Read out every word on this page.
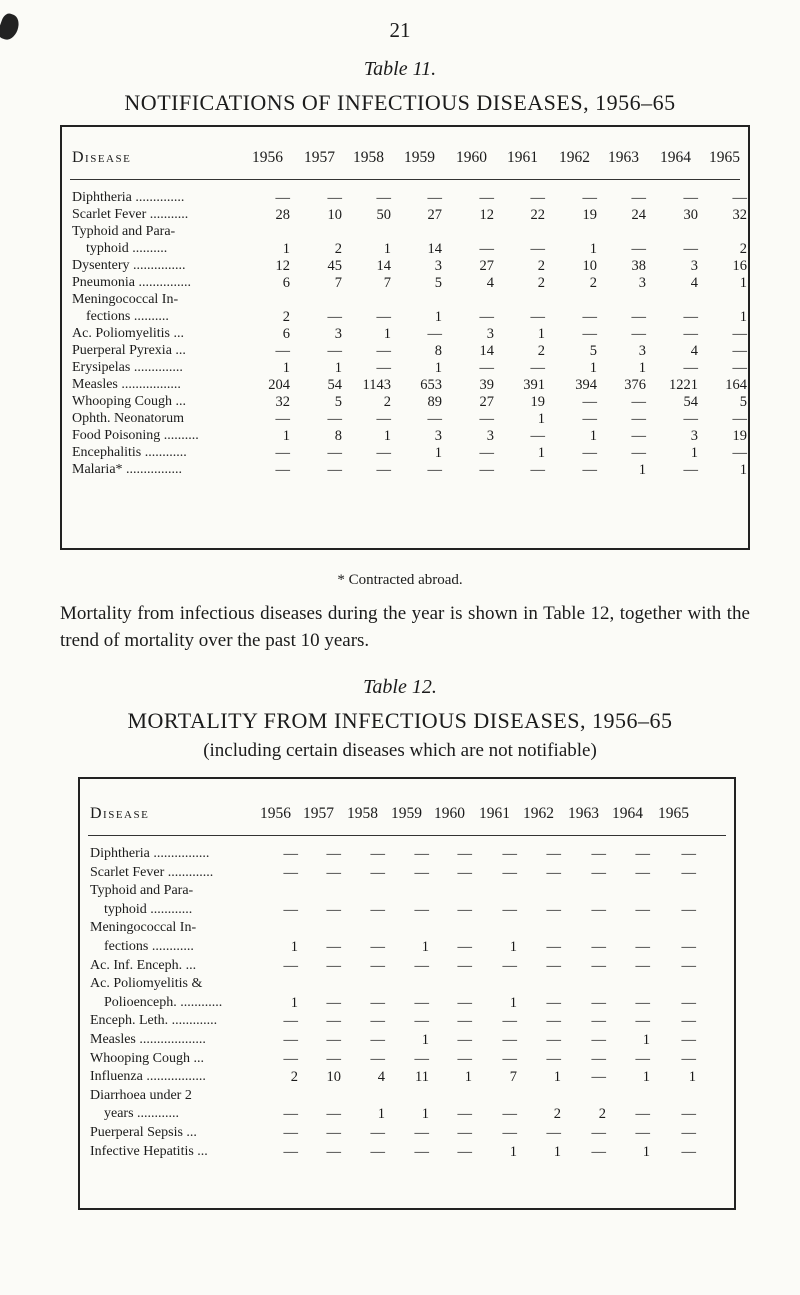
21
Table 11.
NOTIFICATIONS OF INFECTIOUS DISEASES, 1956–65
Disease	1956 1957 1958 1959 1960 1961 1962 1963 1964 1965
Diphtheria ..............	—	—	—	—	—	—	—	—	—	—
Scarlet Fever ...........	28	10	50	27	12	22	19	24	30	32
Typhoid and Para-
typhoid ..........	1	2	1	14	—	—	1	—	—	2
Dysentery ...............	12	45	14	3	27	2	10	38	3	16
Pneumonia ...............	6	7	7	5	4	2	2	3	4	1
Meningococcal In-
fections ..........	2	—	—	1	—	—	—	—	—	1
Ac. Poliomyelitis ...	6	3	1	—	3	1	—	—	—	—
Puerperal Pyrexia ...	—	—	—	8	14	2	5	3	4	—
Erysipelas ..............	1	1	—	1	—	—	1	1	—	—
Measles .................	204	54	1143	653	39	391	394	376	1221	164
Whooping Cough ...	32	5	2	89	27	19	—	—	54	5
Ophth. Neonatorum	—	—	—	—	—	1	—	—	—	—
Food Poisoning ..........	1	8	1	3	3	—	1	—	3	19
Encephalitis ............	—	—	—	1	—	1	—	—	1	—
Malaria* ................	—	—	—	—	—	—	—	1	—	1
* Contracted abroad.
Mortality from infectious diseases during the year is shown in Table 12, together with the trend of mortality over the past 10 years.
Table 12.
MORTALITY FROM INFECTIOUS DISEASES, 1956–65
(including certain diseases which are not notifiable)
Disease	1956 1957 1958 1959 1960 1961 1962 1963 1964 1965
Diphtheria ................	—	—	—	—	—	—	—	—	—	—
Scarlet Fever .............	—	—	—	—	—	—	—	—	—	—
Typhoid and Para-
typhoid ............	—	—	—	—	—	—	—	—	—	—
Meningococcal In-
fections ............	1	—	—	1	—	1	—	—	—	—
Ac. Inf. Enceph. ...	—	—	—	—	—	—	—	—	—	—
Ac. Poliomyelitis &
Polioenceph. ............	1	—	—	—	—	1	—	—	—	—
Enceph. Leth. .............	—	—	—	—	—	—	—	—	—	—
Measles ...................	—	—	—	1	—	—	—	—	1	—
Whooping Cough ...	—	—	—	—	—	—	—	—	—	—
Influenza .................	2	10	4	11	1	7	1	—	1	1
Diarrhoea under 2
years ............	—	—	1	1	—	—	2	2	—	—
Puerperal Sepsis ...	—	—	—	—	—	—	—	—	—	—
Infective Hepatitis ...	—	—	—	—	—	1	1	—	1	—
